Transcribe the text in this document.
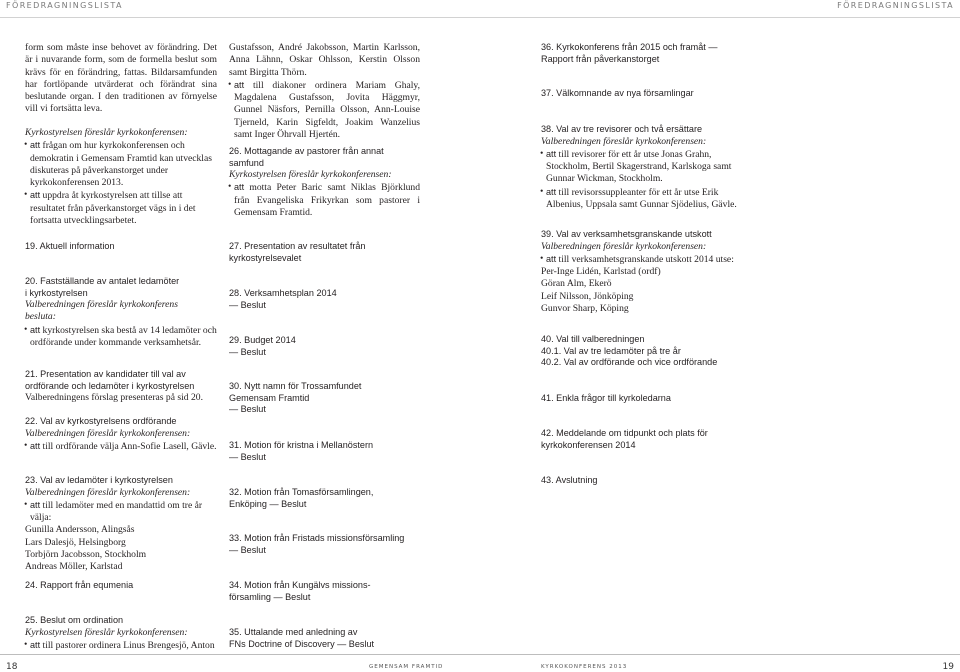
FÖREDRAGNINGSLISTA	FÖREDRAGNINGSLISTA

form som måste inse behovet av förändring. Det är i nuvarande form, som de formella beslut som krävs för en förändring, fattas. Bildarsamfunden har fortlöpande utvärderat och förändrat sina beslutande organ. I den traditionen av förnyelse vill vi fortsätta leva.

Kyrkostyrelsen föreslår kyrkokonferensen:

• att frågan om hur kyrkokonferensen och demokratin i Gemensam Framtid kan utvecklas diskuteras på påverkanstorget under kyrkokonferensen 2013.

• att uppdra åt kyrkostyrelsen att tillse att resultatet från påverkanstorget vägs in i det fortsatta utvecklingsarbetet.

19. Aktuell information

20. Fastställande av antalet ledamöter

i kyrkostyrelsen

Valberedningen föreslår kyrkokonferens

besluta:

• att kyrkostyrelsen ska bestå av 14 ledamöter och ordförande under kommande verksamhetsår.

21. Presentation av kandidater till val av

ordförande och ledamöter i kyrkostyrelsen

Valberedningens förslag presenteras på sid 20.

22. Val av kyrkostyrelsens ordförande

Valberedningen föreslår kyrkokonferensen:

• att till ordförande välja Ann-Sofie Lasell, Gävle.

23. Val av ledamöter i kyrkostyrelsen

Valberedningen föreslår kyrkokonferensen:

• att till ledamöter med en mandattid om tre år välja:

Gunilla Andersson, Alingsås

Lars Dalesjö, Helsingborg

Torbjörn Jacobsson, Stockholm

Andreas Möller, Karlstad

24. Rapport från equmenia

25. Beslut om ordination

Kyrkostyrelsen föreslår kyrkokonferensen:

• att till pastorer ordinera Linus Brengesjö, Anton

Gustafsson, André Jakobsson, Martin Karlsson, Anna Lähnn, Oskar Ohlsson, Kerstin Olsson samt Birgitta Thörn.

• att till diakoner ordinera Mariam Ghaly, Magdalena Gustafsson, Jovita Häggmyr, Gunnel Näsfors, Pernilla Olsson, Ann-Louise Tjerneld, Karin Sigfeldt, Joakim Wanzelius samt Inger Öhrvall Hjertén.

26. Mottagande av pastorer från annat

samfund

Kyrkostyrelsen föreslår kyrkokonferensen:

• att motta Peter Baric samt Niklas Björklund från Evangeliska Frikyrkan som pastorer i Gemensam Framtid.

27. Presentation av resultatet från

kyrkostyrelsevalet

28. Verksamhetsplan 2014

— Beslut

29. Budget 2014

— Beslut

30. Nytt namn för Trossamfundet

Gemensam Framtid

— Beslut

31. Motion för kristna i Mellanöstern

— Beslut

32. Motion från Tomasförsamlingen,

Enköping — Beslut

33. Motion från Fristads missionsförsamling

— Beslut

34. Motion från Kungälvs missions-

församling — Beslut

35. Uttalande med anledning av

FNs Doctrine of Discovery — Beslut

36. Kyrkokonferens från 2015 och framåt —

Rapport från påverkanstorget

37. Välkomnande av nya församlingar

38. Val av tre revisorer och två ersättare

Valberedningen föreslår kyrkokonferensen:

• att till revisorer för ett år utse Jonas Grahn, Stockholm, Bertil Skagerstrand, Karlskoga samt Gunnar Wickman, Stockholm.

• att till revisorssuppleanter för ett år utse Erik Albenius, Uppsala samt Gunnar Sjödelius, Gävle.

39. Val av verksamhetsgranskande utskott

Valberedningen föreslår kyrkokonferensen:

• att till verksamhetsgranskande utskott 2014 utse:

Per-Inge Lidén, Karlstad (ordf)

Göran Alm, Ekerö

Leif Nilsson, Jönköping

Gunvor Sharp, Köping

40. Val till valberedningen

40.1. Val av tre ledamöter på tre år

40.2. Val av ordförande och vice ordförande

41. Enkla frågor till kyrkoledarna

42. Meddelande om tidpunkt och plats för

kyrkokonferensen 2014

43. Avslutning
18	GEMENSAM FRAMTID	KYRKOKONFERENS 2013	19
